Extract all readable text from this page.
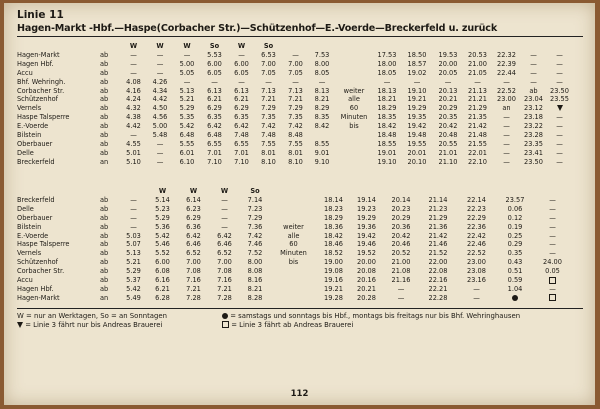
Linie 11
Hagen-Markt -Hbf.—Haspe(Corbacher Str.)—Schützenhof—E.-Voerde—Breckerfeld u. zurück
		W	W	W	So	W	So										
Hagen-Markt	ab	—	—	—	5.53	—	6.53	—	7.53		17.53	18.50	19.53	20.53	22.32	—	—
Hagen Hbf.	ab	—	—	5.00	6.00	6.00	7.00	7.00	8.00		18.00	18.57	20.00	21.00	22.39	—	—
Accu	ab	—	—	5.05	6.05	6.05	7.05	7.05	8.05		18.05	19.02	20.05	21.05	22.44	—	—
Bhf. Wehringh.	ab	4.08	4.26	—	—	—	—	—	—		—	—	—	—	—	—	—
Corbacher Str.	ab	4.16	4.34	5.13	6.13	6.13	7.13	7.13	8.13	weiter	18.13	19.10	20.13	21.13	22.52	ab	23.50
Schützenhof	ab	4.24	4.42	5.21	6.21	6.21	7.21	7.21	8.21	alle	18.21	19.21	20.21	21.21	23.00	23.04	23.55
Vernels	ab	4.32	4.50	5.29	6.29	6.29	7.29	7.29	8.29	60	18.29	19.29	20.29	21.29	an	23.12	
Haspe Talsperre	ab	4.38	4.56	5.35	6.35	6.35	7.35	7.35	8.35	Minuten	18.35	19.35	20.35	21.35	—	23.18	—
E.-Voerde	ab	4.42	5.00	5.42	6.42	6.42	7.42	7.42	8.42	bis	18.42	19.42	20.42	21.42	—	23.22	—
Bilstein	ab	—	5.48	6.48	6.48	7.48	7.48	8.48			18.48	19.48	20.48	21.48	—	23.28	—
Oberbauer	ab	4.55	—	5.55	6.55	6.55	7.55	7.55	8.55		18.55	19.55	20.55	21.55	—	23.35	—
Delle	ab	5.01	—	6.01	7.01	7.01	8.01	8.01	9.01		19.01	20.01	21.01	22.01	—	23.41	—
Breckerfeld	an	5.10	—	6.10	7.10	7.10	8.10	8.10	9.10		19.10	20.10	21.10	22.10	—	23.50	—
			W	W	W	So								
Breckerfeld	ab	—	5.14	6.14	—	7.14		18.14	19.14	20.14	21.14	22.14	23.57	—
Delle	ab	—	5.23	6.23	—	7.23		18.23	19.23	20.23	21.23	22.23	0.06	—
Oberbauer	ab	—	5.29	6.29	—	7.29		18.29	19.29	20.29	21.29	22.29	0.12	—
Bilstein	ab	—	5.36	6.36	—	7.36	weiter	18.36	19.36	20.36	21.36	22.36	0.19	—
E.-Voerde	ab	5.03	5.42	6.42	6.42	7.42	alle	18.42	19.42	20.42	21.42	22.42	0.25	—
Haspe Talsperre	ab	5.07	5.46	6.46	6.46	7.46	60	18.46	19.46	20.46	21.46	22.46	0.29	—
Vernels	ab	5.13	5.52	6.52	6.52	7.52	Minuten	18.52	19.52	20.52	21.52	22.52	0.35	—
Schützenhof	ab	5.21	6.00	7.00	7.00	8.00	bis	19.00	20.00	21.00	22.00	23.00	0.43	24.00
Corbacher Str.	ab	5.29	6.08	7.08	7.08	8.08		19.08	20.08	21.08	22.08	23.08	0.51	0.05
Accu	ab	5.37	6.16	7.16	7.16	8.16		19.16	20.16	21.16	22.16	23.16	0.59	
Hagen Hbf.	ab	5.42	6.21	7.21	7.21	8.21		19.21	20.21	—	22.21	—	1.04	—
Hagen-Markt	an	5.49	6.28	7.28	7.28	8.28		19.28	20.28	—	22.28	—		
W = nur an Werktagen, So = an Sonntagen
= Linie 3 fährt nur bis Andreas Brauerei
= samstags und sonntags bis Hbf., montags bis freitags nur bis Bhf. Wehringhausen
= Linie 3 fährt ab Andreas Brauerei
112
